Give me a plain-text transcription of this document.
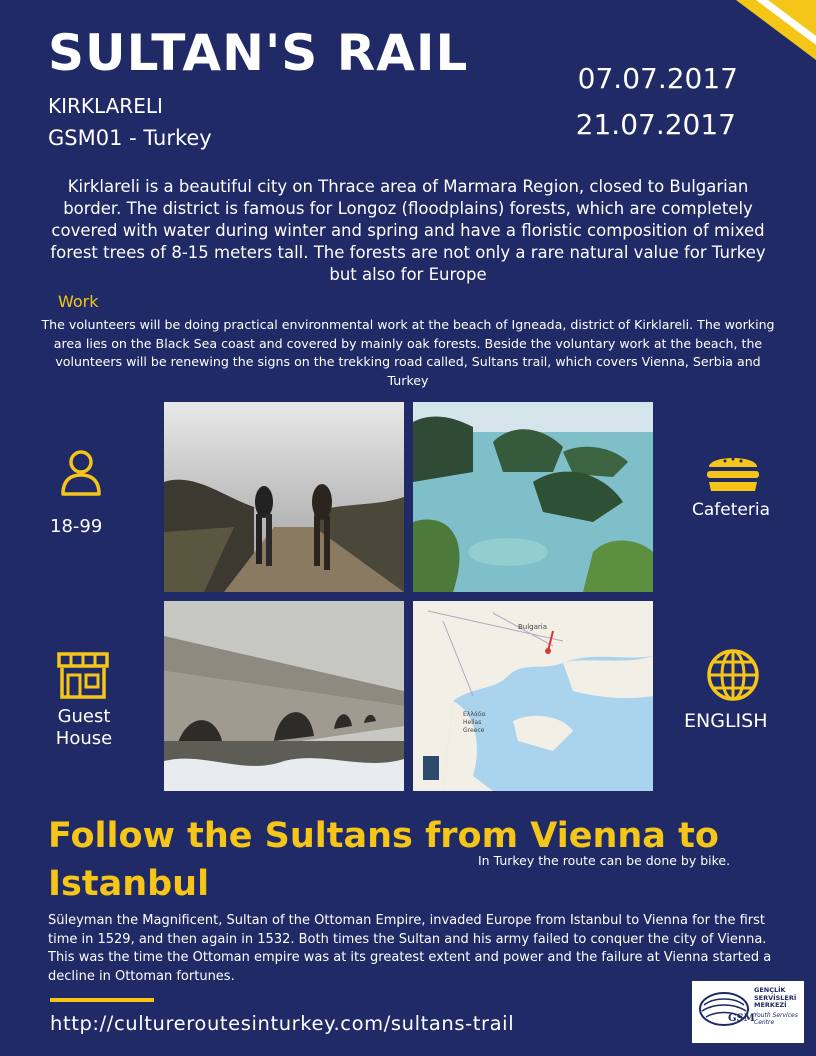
SULTAN'S RAIL
KIRKLARELI
GSM01 - Turkey
07.07.2017
21.07.2017
Kirklareli is a beautiful city on Thrace area of Marmara Region, closed to Bulgarian border. The district is famous for Longoz (floodplains) forests, which are completely covered with water during winter and spring and have a floristic composition of mixed forest trees of 8-15 meters tall. The forests are not only a rare natural value for Turkey but also for Europe
Work
The volunteers will be doing practical environmental work at the beach of Igneada, district of Kirklareli. The working area lies on the Black Sea coast and covered by mainly oak forests. Beside the voluntary work at the beach, the volunteers will be renewing the signs on the trekking road called, Sultans trail, which covers Vienna, Serbia and Turkey
Bulgaria
Ελλάδα Hellas Greece
18-99
Cafeteria
Guest House
ENGLISH
Follow the Sultans from Vienna to Istanbul
In Turkey the route can be done by bike.
Süleyman the Magnificent, Sultan of the Ottoman Empire, invaded Europe from Istanbul to Vienna for the first time in 1529, and then again in 1532. Both times the Sultan and his army failed to conquer the city of Vienna. This was the time the Ottoman empire was at its greatest extent and power and the failure at Vienna started a decline in Ottoman fortunes.
http://cultureroutesinturkey.com/sultans-trail	GSM
GENÇLİK
SERVİSLERİ
MERKEZİ
Youth Services
Centre
